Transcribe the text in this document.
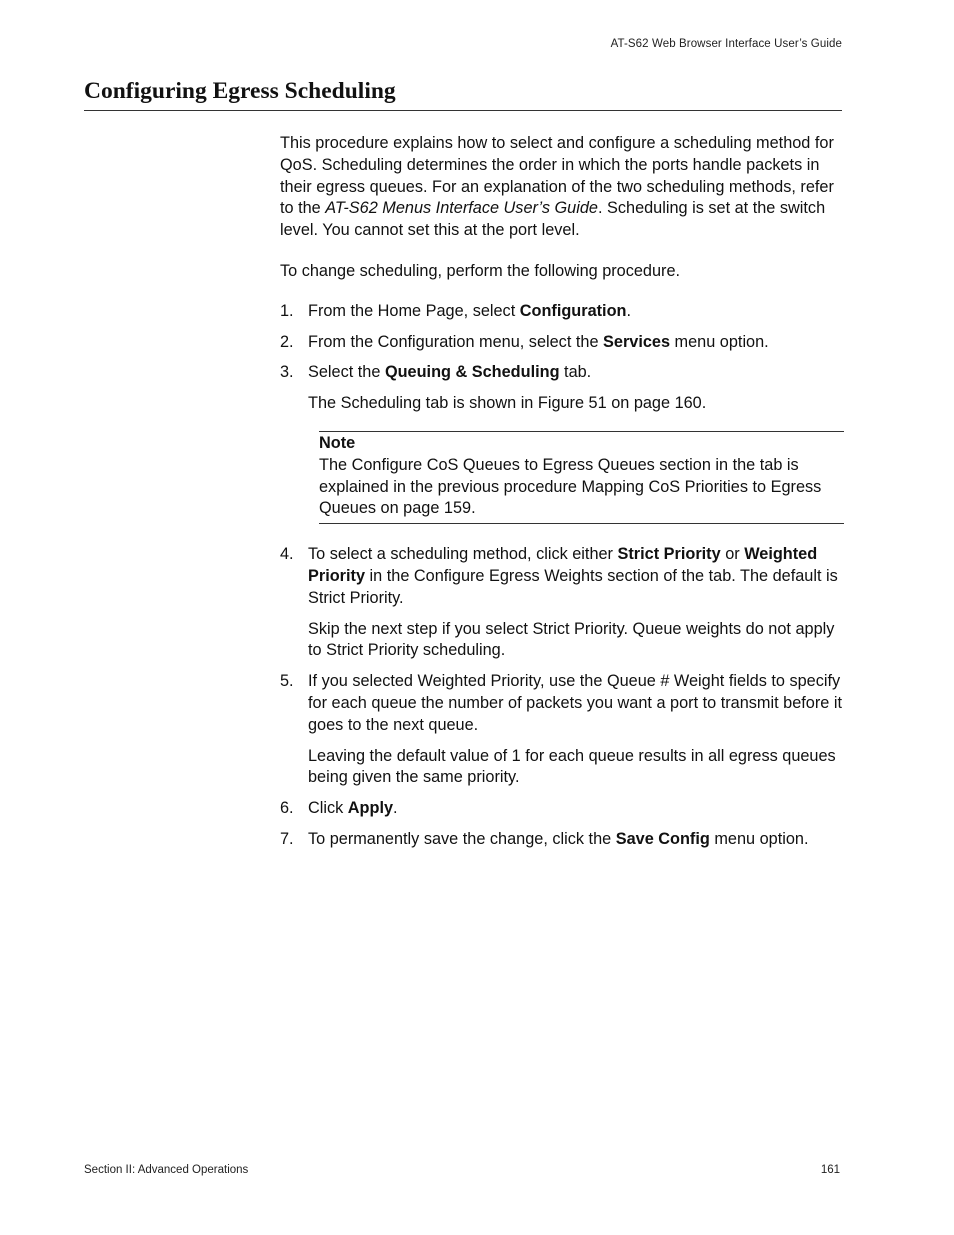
AT-S62 Web Browser Interface User’s Guide
Configuring Egress Scheduling

This procedure explains how to select and configure a scheduling method for QoS. Scheduling determines the order in which the ports handle packets in their egress queues. For an explanation of the two scheduling methods, refer to the AT-S62 Menus Interface User’s Guide. Scheduling is set at the switch level. You cannot set this at the port level.

To change scheduling, perform the following procedure.

1. From the Home Page, select Configuration.
2. From the Configuration menu, select the Services menu option.
3. Select the Queuing & Scheduling tab.

The Scheduling tab is shown in Figure 51 on page 160.

Note
The Configure CoS Queues to Egress Queues section in the tab is explained in the previous procedure Mapping CoS Priorities to Egress Queues on page 159.
4. To select a scheduling method, click either Strict Priority or Weighted Priority in the Configure Egress Weights section of the tab. The default is Strict Priority.

Skip the next step if you select Strict Priority. Queue weights do not apply to Strict Priority scheduling.

5. If you selected Weighted Priority, use the Queue # Weight fields to specify for each queue the number of packets you want a port to transmit before it goes to the next queue.

Leaving the default value of 1 for each queue results in all egress queues being given the same priority.

6. Click Apply.
7. To permanently save the change, click the Save Config menu option.
Section II: Advanced Operations	161
